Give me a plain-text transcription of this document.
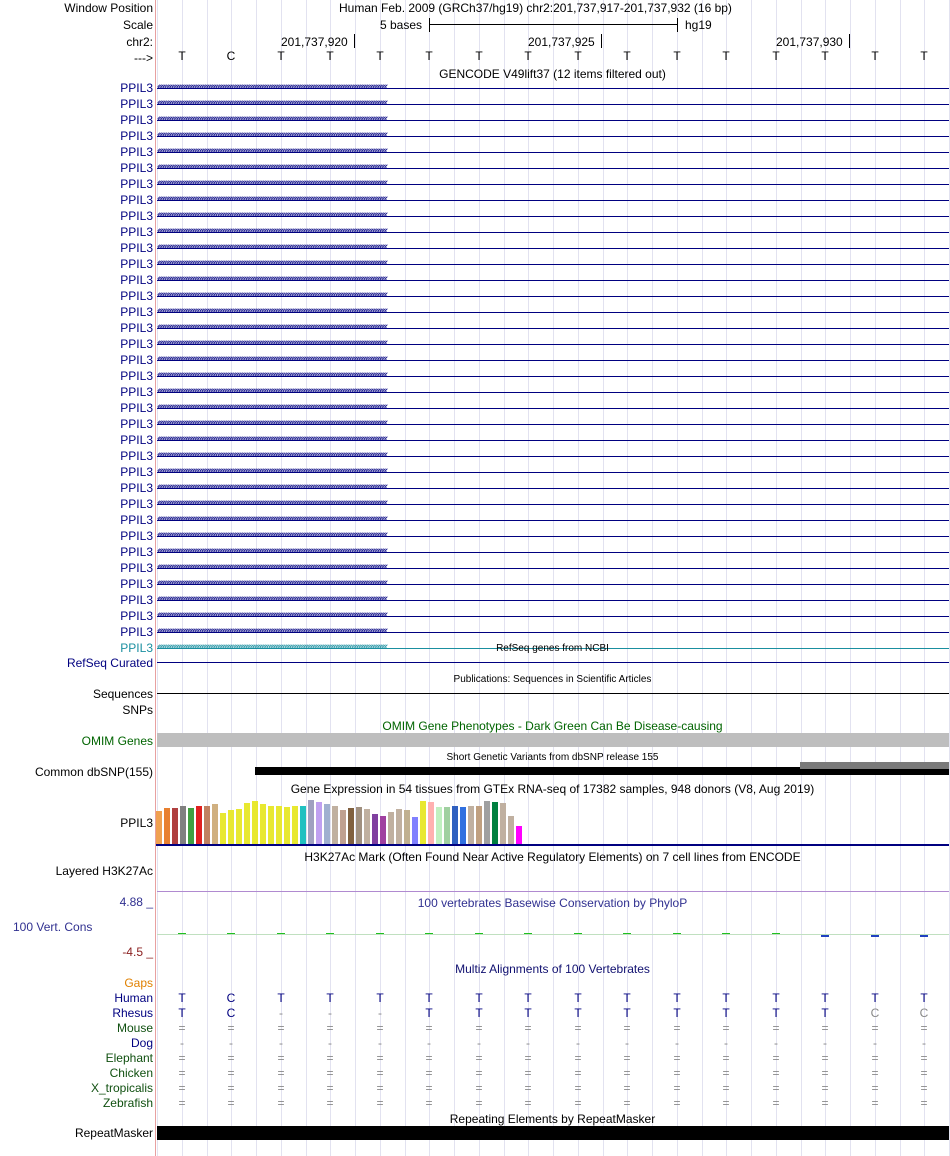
Window Position	Human Feb. 2009 (GRCh37/hg19) chr2:201,737,917-201,737,932 (16 bp)
Scale	5 bases	hg19
chr2:	201,737,920	201,737,925	201,737,930
--->	T	C	T	T	T	T	T	T	T	T	T	T	T	T	T	T
GENCODE V49lift37 (12 items filtered out)
PPIL3 ‹‹‹‹‹‹‹‹‹‹‹‹‹‹‹‹‹‹‹‹‹‹‹‹‹‹‹‹‹‹‹‹‹‹‹‹‹‹‹‹‹‹‹‹‹‹‹‹‹‹‹‹‹‹‹‹‹‹‹‹‹‹‹‹‹‹‹‹‹‹‹‹‹‹‹‹‹‹‹‹‹‹‹‹‹‹‹‹‹‹‹‹‹‹‹‹‹‹‹‹‹‹‹‹‹‹‹‹‹‹‹‹‹‹‹‹‹‹‹‹‹‹‹‹‹‹‹‹‹‹
PPIL3 ‹‹‹‹‹‹‹‹‹‹‹‹‹‹‹‹‹‹‹‹‹‹‹‹‹‹‹‹‹‹‹‹‹‹‹‹‹‹‹‹‹‹‹‹‹‹‹‹‹‹‹‹‹‹‹‹‹‹‹‹‹‹‹‹‹‹‹‹‹‹‹‹‹‹‹‹‹‹‹‹‹‹‹‹‹‹‹‹‹‹‹‹‹‹‹‹‹‹‹‹‹‹‹‹‹‹‹‹‹‹‹‹‹‹‹‹‹‹‹‹‹‹‹‹‹‹‹‹‹‹
PPIL3 ‹‹‹‹‹‹‹‹‹‹‹‹‹‹‹‹‹‹‹‹‹‹‹‹‹‹‹‹‹‹‹‹‹‹‹‹‹‹‹‹‹‹‹‹‹‹‹‹‹‹‹‹‹‹‹‹‹‹‹‹‹‹‹‹‹‹‹‹‹‹‹‹‹‹‹‹‹‹‹‹‹‹‹‹‹‹‹‹‹‹‹‹‹‹‹‹‹‹‹‹‹‹‹‹‹‹‹‹‹‹‹‹‹‹‹‹‹‹‹‹‹‹‹‹‹‹‹‹‹‹
PPIL3 ‹‹‹‹‹‹‹‹‹‹‹‹‹‹‹‹‹‹‹‹‹‹‹‹‹‹‹‹‹‹‹‹‹‹‹‹‹‹‹‹‹‹‹‹‹‹‹‹‹‹‹‹‹‹‹‹‹‹‹‹‹‹‹‹‹‹‹‹‹‹‹‹‹‹‹‹‹‹‹‹‹‹‹‹‹‹‹‹‹‹‹‹‹‹‹‹‹‹‹‹‹‹‹‹‹‹‹‹‹‹‹‹‹‹‹‹‹‹‹‹‹‹‹‹‹‹‹‹‹‹
PPIL3 ‹‹‹‹‹‹‹‹‹‹‹‹‹‹‹‹‹‹‹‹‹‹‹‹‹‹‹‹‹‹‹‹‹‹‹‹‹‹‹‹‹‹‹‹‹‹‹‹‹‹‹‹‹‹‹‹‹‹‹‹‹‹‹‹‹‹‹‹‹‹‹‹‹‹‹‹‹‹‹‹‹‹‹‹‹‹‹‹‹‹‹‹‹‹‹‹‹‹‹‹‹‹‹‹‹‹‹‹‹‹‹‹‹‹‹‹‹‹‹‹‹‹‹‹‹‹‹‹‹‹
PPIL3 ‹‹‹‹‹‹‹‹‹‹‹‹‹‹‹‹‹‹‹‹‹‹‹‹‹‹‹‹‹‹‹‹‹‹‹‹‹‹‹‹‹‹‹‹‹‹‹‹‹‹‹‹‹‹‹‹‹‹‹‹‹‹‹‹‹‹‹‹‹‹‹‹‹‹‹‹‹‹‹‹‹‹‹‹‹‹‹‹‹‹‹‹‹‹‹‹‹‹‹‹‹‹‹‹‹‹‹‹‹‹‹‹‹‹‹‹‹‹‹‹‹‹‹‹‹‹‹‹‹‹
PPIL3 ‹‹‹‹‹‹‹‹‹‹‹‹‹‹‹‹‹‹‹‹‹‹‹‹‹‹‹‹‹‹‹‹‹‹‹‹‹‹‹‹‹‹‹‹‹‹‹‹‹‹‹‹‹‹‹‹‹‹‹‹‹‹‹‹‹‹‹‹‹‹‹‹‹‹‹‹‹‹‹‹‹‹‹‹‹‹‹‹‹‹‹‹‹‹‹‹‹‹‹‹‹‹‹‹‹‹‹‹‹‹‹‹‹‹‹‹‹‹‹‹‹‹‹‹‹‹‹‹‹‹
PPIL3 ‹‹‹‹‹‹‹‹‹‹‹‹‹‹‹‹‹‹‹‹‹‹‹‹‹‹‹‹‹‹‹‹‹‹‹‹‹‹‹‹‹‹‹‹‹‹‹‹‹‹‹‹‹‹‹‹‹‹‹‹‹‹‹‹‹‹‹‹‹‹‹‹‹‹‹‹‹‹‹‹‹‹‹‹‹‹‹‹‹‹‹‹‹‹‹‹‹‹‹‹‹‹‹‹‹‹‹‹‹‹‹‹‹‹‹‹‹‹‹‹‹‹‹‹‹‹‹‹‹‹
PPIL3 ‹‹‹‹‹‹‹‹‹‹‹‹‹‹‹‹‹‹‹‹‹‹‹‹‹‹‹‹‹‹‹‹‹‹‹‹‹‹‹‹‹‹‹‹‹‹‹‹‹‹‹‹‹‹‹‹‹‹‹‹‹‹‹‹‹‹‹‹‹‹‹‹‹‹‹‹‹‹‹‹‹‹‹‹‹‹‹‹‹‹‹‹‹‹‹‹‹‹‹‹‹‹‹‹‹‹‹‹‹‹‹‹‹‹‹‹‹‹‹‹‹‹‹‹‹‹‹‹‹‹
PPIL3 ‹‹‹‹‹‹‹‹‹‹‹‹‹‹‹‹‹‹‹‹‹‹‹‹‹‹‹‹‹‹‹‹‹‹‹‹‹‹‹‹‹‹‹‹‹‹‹‹‹‹‹‹‹‹‹‹‹‹‹‹‹‹‹‹‹‹‹‹‹‹‹‹‹‹‹‹‹‹‹‹‹‹‹‹‹‹‹‹‹‹‹‹‹‹‹‹‹‹‹‹‹‹‹‹‹‹‹‹‹‹‹‹‹‹‹‹‹‹‹‹‹‹‹‹‹‹‹‹‹‹
PPIL3 ‹‹‹‹‹‹‹‹‹‹‹‹‹‹‹‹‹‹‹‹‹‹‹‹‹‹‹‹‹‹‹‹‹‹‹‹‹‹‹‹‹‹‹‹‹‹‹‹‹‹‹‹‹‹‹‹‹‹‹‹‹‹‹‹‹‹‹‹‹‹‹‹‹‹‹‹‹‹‹‹‹‹‹‹‹‹‹‹‹‹‹‹‹‹‹‹‹‹‹‹‹‹‹‹‹‹‹‹‹‹‹‹‹‹‹‹‹‹‹‹‹‹‹‹‹‹‹‹‹‹
PPIL3 ‹‹‹‹‹‹‹‹‹‹‹‹‹‹‹‹‹‹‹‹‹‹‹‹‹‹‹‹‹‹‹‹‹‹‹‹‹‹‹‹‹‹‹‹‹‹‹‹‹‹‹‹‹‹‹‹‹‹‹‹‹‹‹‹‹‹‹‹‹‹‹‹‹‹‹‹‹‹‹‹‹‹‹‹‹‹‹‹‹‹‹‹‹‹‹‹‹‹‹‹‹‹‹‹‹‹‹‹‹‹‹‹‹‹‹‹‹‹‹‹‹‹‹‹‹‹‹‹‹‹
PPIL3 ‹‹‹‹‹‹‹‹‹‹‹‹‹‹‹‹‹‹‹‹‹‹‹‹‹‹‹‹‹‹‹‹‹‹‹‹‹‹‹‹‹‹‹‹‹‹‹‹‹‹‹‹‹‹‹‹‹‹‹‹‹‹‹‹‹‹‹‹‹‹‹‹‹‹‹‹‹‹‹‹‹‹‹‹‹‹‹‹‹‹‹‹‹‹‹‹‹‹‹‹‹‹‹‹‹‹‹‹‹‹‹‹‹‹‹‹‹‹‹‹‹‹‹‹‹‹‹‹‹‹
PPIL3 ‹‹‹‹‹‹‹‹‹‹‹‹‹‹‹‹‹‹‹‹‹‹‹‹‹‹‹‹‹‹‹‹‹‹‹‹‹‹‹‹‹‹‹‹‹‹‹‹‹‹‹‹‹‹‹‹‹‹‹‹‹‹‹‹‹‹‹‹‹‹‹‹‹‹‹‹‹‹‹‹‹‹‹‹‹‹‹‹‹‹‹‹‹‹‹‹‹‹‹‹‹‹‹‹‹‹‹‹‹‹‹‹‹‹‹‹‹‹‹‹‹‹‹‹‹‹‹‹‹‹
PPIL3 ‹‹‹‹‹‹‹‹‹‹‹‹‹‹‹‹‹‹‹‹‹‹‹‹‹‹‹‹‹‹‹‹‹‹‹‹‹‹‹‹‹‹‹‹‹‹‹‹‹‹‹‹‹‹‹‹‹‹‹‹‹‹‹‹‹‹‹‹‹‹‹‹‹‹‹‹‹‹‹‹‹‹‹‹‹‹‹‹‹‹‹‹‹‹‹‹‹‹‹‹‹‹‹‹‹‹‹‹‹‹‹‹‹‹‹‹‹‹‹‹‹‹‹‹‹‹‹‹‹‹
PPIL3 ‹‹‹‹‹‹‹‹‹‹‹‹‹‹‹‹‹‹‹‹‹‹‹‹‹‹‹‹‹‹‹‹‹‹‹‹‹‹‹‹‹‹‹‹‹‹‹‹‹‹‹‹‹‹‹‹‹‹‹‹‹‹‹‹‹‹‹‹‹‹‹‹‹‹‹‹‹‹‹‹‹‹‹‹‹‹‹‹‹‹‹‹‹‹‹‹‹‹‹‹‹‹‹‹‹‹‹‹‹‹‹‹‹‹‹‹‹‹‹‹‹‹‹‹‹‹‹‹‹‹
PPIL3 ‹‹‹‹‹‹‹‹‹‹‹‹‹‹‹‹‹‹‹‹‹‹‹‹‹‹‹‹‹‹‹‹‹‹‹‹‹‹‹‹‹‹‹‹‹‹‹‹‹‹‹‹‹‹‹‹‹‹‹‹‹‹‹‹‹‹‹‹‹‹‹‹‹‹‹‹‹‹‹‹‹‹‹‹‹‹‹‹‹‹‹‹‹‹‹‹‹‹‹‹‹‹‹‹‹‹‹‹‹‹‹‹‹‹‹‹‹‹‹‹‹‹‹‹‹‹‹‹‹‹
PPIL3 ‹‹‹‹‹‹‹‹‹‹‹‹‹‹‹‹‹‹‹‹‹‹‹‹‹‹‹‹‹‹‹‹‹‹‹‹‹‹‹‹‹‹‹‹‹‹‹‹‹‹‹‹‹‹‹‹‹‹‹‹‹‹‹‹‹‹‹‹‹‹‹‹‹‹‹‹‹‹‹‹‹‹‹‹‹‹‹‹‹‹‹‹‹‹‹‹‹‹‹‹‹‹‹‹‹‹‹‹‹‹‹‹‹‹‹‹‹‹‹‹‹‹‹‹‹‹‹‹‹‹
PPIL3 ‹‹‹‹‹‹‹‹‹‹‹‹‹‹‹‹‹‹‹‹‹‹‹‹‹‹‹‹‹‹‹‹‹‹‹‹‹‹‹‹‹‹‹‹‹‹‹‹‹‹‹‹‹‹‹‹‹‹‹‹‹‹‹‹‹‹‹‹‹‹‹‹‹‹‹‹‹‹‹‹‹‹‹‹‹‹‹‹‹‹‹‹‹‹‹‹‹‹‹‹‹‹‹‹‹‹‹‹‹‹‹‹‹‹‹‹‹‹‹‹‹‹‹‹‹‹‹‹‹‹
PPIL3 ‹‹‹‹‹‹‹‹‹‹‹‹‹‹‹‹‹‹‹‹‹‹‹‹‹‹‹‹‹‹‹‹‹‹‹‹‹‹‹‹‹‹‹‹‹‹‹‹‹‹‹‹‹‹‹‹‹‹‹‹‹‹‹‹‹‹‹‹‹‹‹‹‹‹‹‹‹‹‹‹‹‹‹‹‹‹‹‹‹‹‹‹‹‹‹‹‹‹‹‹‹‹‹‹‹‹‹‹‹‹‹‹‹‹‹‹‹‹‹‹‹‹‹‹‹‹‹‹‹‹
PPIL3 ‹‹‹‹‹‹‹‹‹‹‹‹‹‹‹‹‹‹‹‹‹‹‹‹‹‹‹‹‹‹‹‹‹‹‹‹‹‹‹‹‹‹‹‹‹‹‹‹‹‹‹‹‹‹‹‹‹‹‹‹‹‹‹‹‹‹‹‹‹‹‹‹‹‹‹‹‹‹‹‹‹‹‹‹‹‹‹‹‹‹‹‹‹‹‹‹‹‹‹‹‹‹‹‹‹‹‹‹‹‹‹‹‹‹‹‹‹‹‹‹‹‹‹‹‹‹‹‹‹‹
PPIL3 ‹‹‹‹‹‹‹‹‹‹‹‹‹‹‹‹‹‹‹‹‹‹‹‹‹‹‹‹‹‹‹‹‹‹‹‹‹‹‹‹‹‹‹‹‹‹‹‹‹‹‹‹‹‹‹‹‹‹‹‹‹‹‹‹‹‹‹‹‹‹‹‹‹‹‹‹‹‹‹‹‹‹‹‹‹‹‹‹‹‹‹‹‹‹‹‹‹‹‹‹‹‹‹‹‹‹‹‹‹‹‹‹‹‹‹‹‹‹‹‹‹‹‹‹‹‹‹‹‹‹
PPIL3 ‹‹‹‹‹‹‹‹‹‹‹‹‹‹‹‹‹‹‹‹‹‹‹‹‹‹‹‹‹‹‹‹‹‹‹‹‹‹‹‹‹‹‹‹‹‹‹‹‹‹‹‹‹‹‹‹‹‹‹‹‹‹‹‹‹‹‹‹‹‹‹‹‹‹‹‹‹‹‹‹‹‹‹‹‹‹‹‹‹‹‹‹‹‹‹‹‹‹‹‹‹‹‹‹‹‹‹‹‹‹‹‹‹‹‹‹‹‹‹‹‹‹‹‹‹‹‹‹‹‹
PPIL3 ‹‹‹‹‹‹‹‹‹‹‹‹‹‹‹‹‹‹‹‹‹‹‹‹‹‹‹‹‹‹‹‹‹‹‹‹‹‹‹‹‹‹‹‹‹‹‹‹‹‹‹‹‹‹‹‹‹‹‹‹‹‹‹‹‹‹‹‹‹‹‹‹‹‹‹‹‹‹‹‹‹‹‹‹‹‹‹‹‹‹‹‹‹‹‹‹‹‹‹‹‹‹‹‹‹‹‹‹‹‹‹‹‹‹‹‹‹‹‹‹‹‹‹‹‹‹‹‹‹‹
PPIL3 ‹‹‹‹‹‹‹‹‹‹‹‹‹‹‹‹‹‹‹‹‹‹‹‹‹‹‹‹‹‹‹‹‹‹‹‹‹‹‹‹‹‹‹‹‹‹‹‹‹‹‹‹‹‹‹‹‹‹‹‹‹‹‹‹‹‹‹‹‹‹‹‹‹‹‹‹‹‹‹‹‹‹‹‹‹‹‹‹‹‹‹‹‹‹‹‹‹‹‹‹‹‹‹‹‹‹‹‹‹‹‹‹‹‹‹‹‹‹‹‹‹‹‹‹‹‹‹‹‹‹
PPIL3 ‹‹‹‹‹‹‹‹‹‹‹‹‹‹‹‹‹‹‹‹‹‹‹‹‹‹‹‹‹‹‹‹‹‹‹‹‹‹‹‹‹‹‹‹‹‹‹‹‹‹‹‹‹‹‹‹‹‹‹‹‹‹‹‹‹‹‹‹‹‹‹‹‹‹‹‹‹‹‹‹‹‹‹‹‹‹‹‹‹‹‹‹‹‹‹‹‹‹‹‹‹‹‹‹‹‹‹‹‹‹‹‹‹‹‹‹‹‹‹‹‹‹‹‹‹‹‹‹‹‹
PPIL3 ‹‹‹‹‹‹‹‹‹‹‹‹‹‹‹‹‹‹‹‹‹‹‹‹‹‹‹‹‹‹‹‹‹‹‹‹‹‹‹‹‹‹‹‹‹‹‹‹‹‹‹‹‹‹‹‹‹‹‹‹‹‹‹‹‹‹‹‹‹‹‹‹‹‹‹‹‹‹‹‹‹‹‹‹‹‹‹‹‹‹‹‹‹‹‹‹‹‹‹‹‹‹‹‹‹‹‹‹‹‹‹‹‹‹‹‹‹‹‹‹‹‹‹‹‹‹‹‹‹‹
PPIL3 ‹‹‹‹‹‹‹‹‹‹‹‹‹‹‹‹‹‹‹‹‹‹‹‹‹‹‹‹‹‹‹‹‹‹‹‹‹‹‹‹‹‹‹‹‹‹‹‹‹‹‹‹‹‹‹‹‹‹‹‹‹‹‹‹‹‹‹‹‹‹‹‹‹‹‹‹‹‹‹‹‹‹‹‹‹‹‹‹‹‹‹‹‹‹‹‹‹‹‹‹‹‹‹‹‹‹‹‹‹‹‹‹‹‹‹‹‹‹‹‹‹‹‹‹‹‹‹‹‹‹
PPIL3 ‹‹‹‹‹‹‹‹‹‹‹‹‹‹‹‹‹‹‹‹‹‹‹‹‹‹‹‹‹‹‹‹‹‹‹‹‹‹‹‹‹‹‹‹‹‹‹‹‹‹‹‹‹‹‹‹‹‹‹‹‹‹‹‹‹‹‹‹‹‹‹‹‹‹‹‹‹‹‹‹‹‹‹‹‹‹‹‹‹‹‹‹‹‹‹‹‹‹‹‹‹‹‹‹‹‹‹‹‹‹‹‹‹‹‹‹‹‹‹‹‹‹‹‹‹‹‹‹‹‹
PPIL3 ‹‹‹‹‹‹‹‹‹‹‹‹‹‹‹‹‹‹‹‹‹‹‹‹‹‹‹‹‹‹‹‹‹‹‹‹‹‹‹‹‹‹‹‹‹‹‹‹‹‹‹‹‹‹‹‹‹‹‹‹‹‹‹‹‹‹‹‹‹‹‹‹‹‹‹‹‹‹‹‹‹‹‹‹‹‹‹‹‹‹‹‹‹‹‹‹‹‹‹‹‹‹‹‹‹‹‹‹‹‹‹‹‹‹‹‹‹‹‹‹‹‹‹‹‹‹‹‹‹‹
PPIL3 ‹‹‹‹‹‹‹‹‹‹‹‹‹‹‹‹‹‹‹‹‹‹‹‹‹‹‹‹‹‹‹‹‹‹‹‹‹‹‹‹‹‹‹‹‹‹‹‹‹‹‹‹‹‹‹‹‹‹‹‹‹‹‹‹‹‹‹‹‹‹‹‹‹‹‹‹‹‹‹‹‹‹‹‹‹‹‹‹‹‹‹‹‹‹‹‹‹‹‹‹‹‹‹‹‹‹‹‹‹‹‹‹‹‹‹‹‹‹‹‹‹‹‹‹‹‹‹‹‹‹
PPIL3 ‹‹‹‹‹‹‹‹‹‹‹‹‹‹‹‹‹‹‹‹‹‹‹‹‹‹‹‹‹‹‹‹‹‹‹‹‹‹‹‹‹‹‹‹‹‹‹‹‹‹‹‹‹‹‹‹‹‹‹‹‹‹‹‹‹‹‹‹‹‹‹‹‹‹‹‹‹‹‹‹‹‹‹‹‹‹‹‹‹‹‹‹‹‹‹‹‹‹‹‹‹‹‹‹‹‹‹‹‹‹‹‹‹‹‹‹‹‹‹‹‹‹‹‹‹‹‹‹‹‹
PPIL3 ‹‹‹‹‹‹‹‹‹‹‹‹‹‹‹‹‹‹‹‹‹‹‹‹‹‹‹‹‹‹‹‹‹‹‹‹‹‹‹‹‹‹‹‹‹‹‹‹‹‹‹‹‹‹‹‹‹‹‹‹‹‹‹‹‹‹‹‹‹‹‹‹‹‹‹‹‹‹‹‹‹‹‹‹‹‹‹‹‹‹‹‹‹‹‹‹‹‹‹‹‹‹‹‹‹‹‹‹‹‹‹‹‹‹‹‹‹‹‹‹‹‹‹‹‹‹‹‹‹‹
PPIL3 ‹‹‹‹‹‹‹‹‹‹‹‹‹‹‹‹‹‹‹‹‹‹‹‹‹‹‹‹‹‹‹‹‹‹‹‹‹‹‹‹‹‹‹‹‹‹‹‹‹‹‹‹‹‹‹‹‹‹‹‹‹‹‹‹‹‹‹‹‹‹‹‹‹‹‹‹‹‹‹‹‹‹‹‹‹‹‹‹‹‹‹‹‹‹‹‹‹‹‹‹‹‹‹‹‹‹‹‹‹‹‹‹‹‹‹‹‹‹‹‹‹‹‹‹‹‹‹‹‹‹
PPIL3 ‹‹‹‹‹‹‹‹‹‹‹‹‹‹‹‹‹‹‹‹‹‹‹‹‹‹‹‹‹‹‹‹‹‹‹‹‹‹‹‹‹‹‹‹‹‹‹‹‹‹‹‹‹‹‹‹‹‹‹‹‹‹‹‹‹‹‹‹‹‹‹‹‹‹‹‹‹‹‹‹‹‹‹‹‹‹‹‹‹‹‹‹‹‹‹‹‹‹‹‹‹‹‹‹‹‹‹‹‹‹‹‹‹‹‹‹‹‹‹‹‹‹‹‹‹‹‹‹‹‹
PPIL3 ‹‹‹‹‹‹‹‹‹‹‹‹‹‹‹‹‹‹‹‹‹‹‹‹‹‹‹‹‹‹‹‹‹‹‹‹‹‹‹‹‹‹‹‹‹‹‹‹‹‹‹‹‹‹‹‹‹‹‹‹‹‹‹‹‹‹‹‹‹‹‹‹‹‹‹‹‹‹‹‹‹‹‹‹‹‹‹‹‹‹‹‹‹‹‹‹‹‹‹‹‹‹‹‹‹‹‹‹‹‹‹‹‹‹‹‹‹‹‹‹‹‹‹‹‹‹‹‹‹‹	RefSeq genes from NCBI
RefSeq Curated
Publications: Sequences in Scientific Articles
Sequences
SNPs
OMIM Gene Phenotypes - Dark Green Can Be Disease-causing
OMIM Genes
Short Genetic Variants from dbSNP release 155
Common dbSNP(155)
Gene Expression in 54 tissues from GTEx RNA-seq of 17382 samples, 948 donors (V8, Aug 2019)
PPIL3
H3K27Ac Mark (Often Found Near Active Regulatory Elements) on 7 cell lines from ENCODE
Layered H3K27Ac
100 vertebrates Basewise Conservation by PhyloP
4.88 _
100 Vert. Cons
-4.5 _
Multiz Alignments of 100 Vertebrates
Gaps
Human	T	C	T	T	T	T	T	T	T	T	T	T	T	T	T	T
Rhesus	T	C	-	-	-	T	T	T	T	T	T	T	T	T	C	C
Mouse	=	=	=	=	=	=	=	=	=	=	=	=	=	=	=	=
Dog	-	-	-	-	-	-	-	-	-	-	-	-	-	-	-	-
Elephant	=	=	=	=	=	=	=	=	=	=	=	=	=	=	=	=
Chicken	=	=	=	=	=	=	=	=	=	=	=	=	=	=	=	=
X_tropicalis	=	=	=	=	=	=	=	=	=	=	=	=	=	=	=	=
Zebrafish	=	=	=	=	=	=	=	=	=	=	=	=	=	=	=	=
Repeating Elements by RepeatMasker
RepeatMasker
